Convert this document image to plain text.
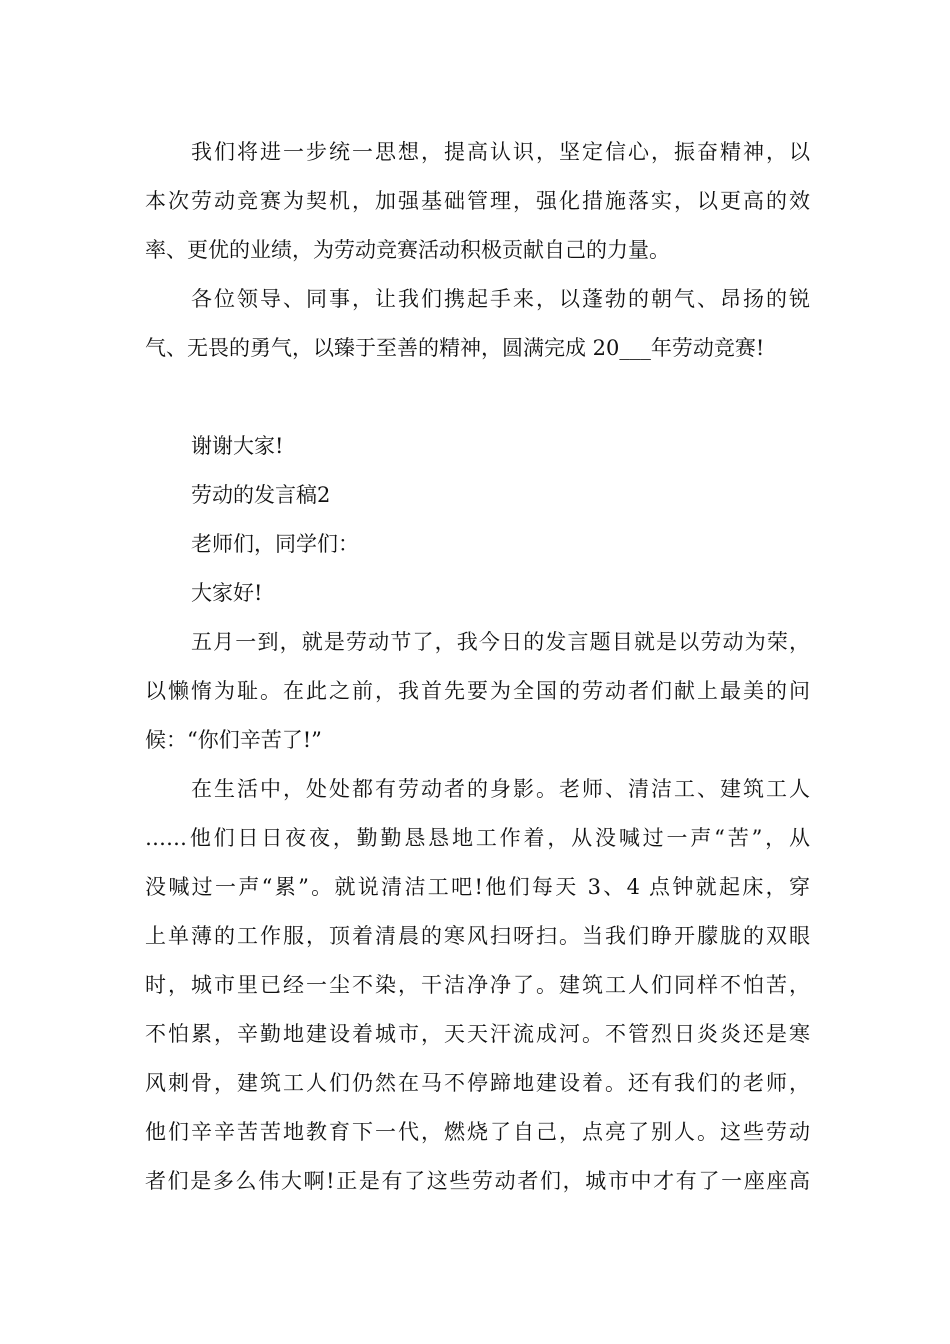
我们将进一步统一思想，提高认识，坚定信心，振奋精神，以
本次劳动竞赛为契机，加强基础管理，强化措施落实，以更高的效
率、更优的业绩，为劳动竞赛活动积极贡献自己的力量。
各位领导、同事，让我们携起手来，以蓬勃的朝气、昂扬的锐
气、无畏的勇气，以臻于至善的精神，圆满完成 20___年劳动竞赛!
谢谢大家!
劳动的发言稿2
老师们，同学们：
大家好!
五月一到，就是劳动节了，我今日的发言题目就是以劳动为荣，
以懒惰为耻。在此之前，我首先要为全国的劳动者们献上最美的问
候：“你们辛苦了!”
在生活中，处处都有劳动者的身影。老师、清洁工、建筑工人
……他们日日夜夜，勤勤恳恳地工作着，从没喊过一声“苦”，从
没喊过一声“累”。就说清洁工吧!他们每天 3、4 点钟就起床，穿
上单薄的工作服，顶着清晨的寒风扫呀扫。当我们睁开朦胧的双眼
时，城市里已经一尘不染，干洁净净了。建筑工人们同样不怕苦，
不怕累，辛勤地建设着城市，天天汗流成河。不管烈日炎炎还是寒
风刺骨，建筑工人们仍然在马不停蹄地建设着。还有我们的老师，
他们辛辛苦苦地教育下一代，燃烧了自己，点亮了别人。这些劳动
者们是多么伟大啊!正是有了这些劳动者们，城市中才有了一座座高
